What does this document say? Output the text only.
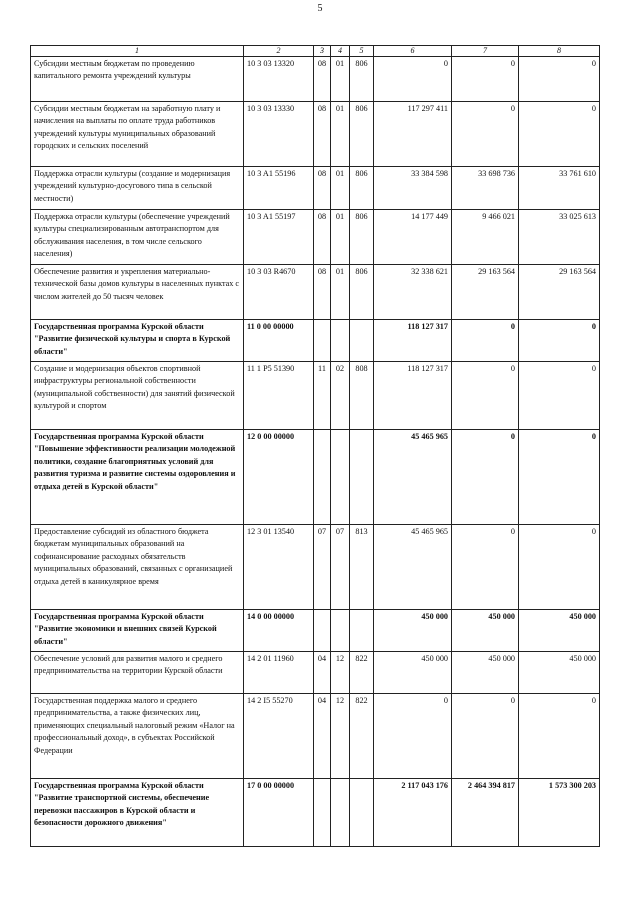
5
1	2	3	4	5	6	7	8
Субсидии местным бюджетам по проведению капитального ремонта учреждений культуры	10 3 03 13320	08	01	806	0	0	0
Субсидии местным бюджетам на заработную плату и начисления на выплаты по оплате труда работников учреждений культуры муниципальных образований городских и сельских поселений	10 3 03 13330	08	01	806	117 297 411	0	0
Поддержка отрасли культуры (создание и модернизация учреждений культурно-досугового типа в сельской местности)	10 3 A1 55196	08	01	806	33 384 598	33 698 736	33 761 610
Поддержка отрасли культуры (обеспечение учреждений культуры специализированным автотранспортом для обслуживания населения, в том числе сельского населения)	10 3 A1 55197	08	01	806	14 177 449	9 466 021	33 025 613
Обеспечение развития и укрепления материально-технической базы домов культуры в населенных пунктах с числом жителей до 50 тысяч человек	10 3 03 R4670	08	01	806	32 338 621	29 163 564	29 163 564
Государственная программа Курской области "Развитие физической культуры и спорта в Курской области"	11 0 00 00000				118 127 317	0	0
Создание и модернизация объектов спортивной инфраструктуры региональной собственности (муниципальной собственности) для занятий физической культурой и спортом	11 1 P5 51390	11	02	808	118 127 317	0	0
Государственная программа Курской области "Повышение эффективности реализации молодежной политики, создание благоприятных условий для развития туризма и развитие системы оздоровления и отдыха детей в Курской области"	12 0 00 00000				45 465 965	0	0
Предоставление субсидий из областного бюджета бюджетам муниципальных образований на софинансирование расходных обязательств муниципальных образований, связанных с организацией отдыха детей в каникулярное время	12 3 01 13540	07	07	813	45 465 965	0	0
Государственная программа Курской области "Развитие экономики и внешних связей Курской области"	14 0 00 00000				450 000	450 000	450 000
Обеспечение условий для развития малого и среднего предпринимательства на территории Курской области	14 2 01 11960	04	12	822	450 000	450 000	450 000
Государственная поддержка малого и среднего предпринимательства, а также физических лиц, применяющих специальный налоговый режим «Налог на профессиональный доход», в субъектах Российской Федерации	14 2 I5 55270	04	12	822	0	0	0
Государственная программа Курской области "Развитие транспортной системы, обеспечение перевозки пассажиров в Курской области и безопасности дорожного движения"	17 0 00 00000				2 117 043 176	2 464 394 817	1 573 300 203
